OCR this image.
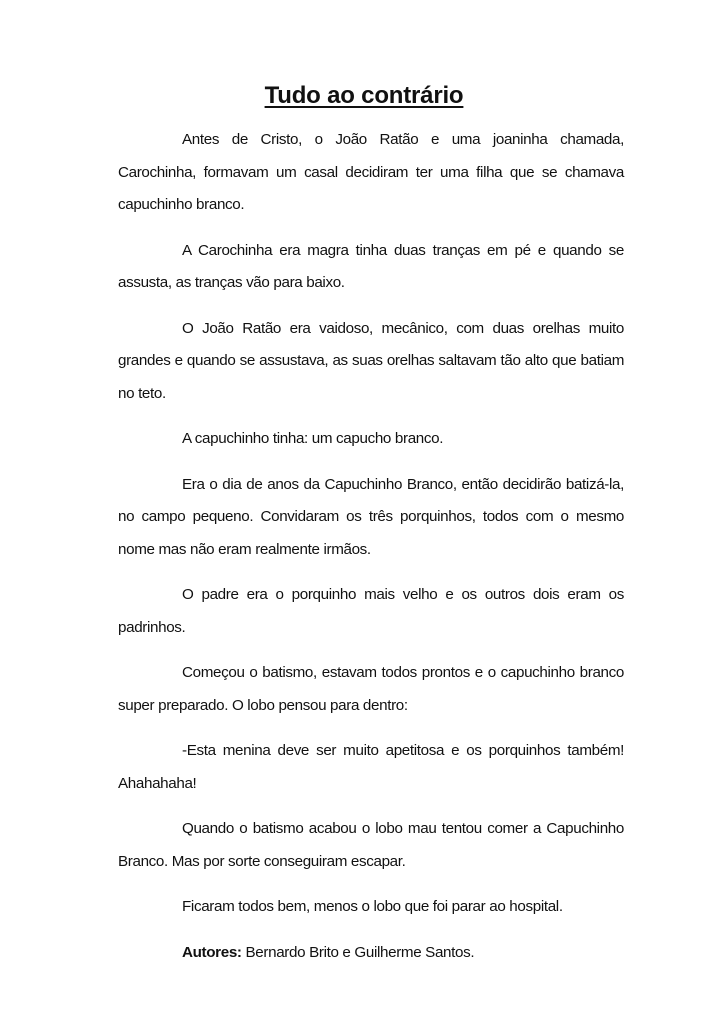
Tudo ao contrário

Antes de Cristo, o João Ratão e uma joaninha chamada, Carochinha, formavam um casal decidiram ter uma filha que se chamava capuchinho branco.

A Carochinha era magra tinha duas tranças em pé e quando se assusta, as tranças vão para baixo.

O João Ratão era vaidoso, mecânico, com duas orelhas muito grandes e quando se assustava, as suas orelhas saltavam tão alto que batiam no teto.

A capuchinho tinha: um capucho branco.

Era o dia de anos da Capuchinho Branco, então decidirão batizá-la, no campo pequeno. Convidaram os três porquinhos, todos com o mesmo nome mas não eram realmente irmãos.

O padre era o porquinho mais velho e os outros dois eram os padrinhos.

Começou o batismo, estavam todos prontos e o capuchinho branco super preparado. O lobo pensou para dentro:

-Esta menina deve ser muito apetitosa e os porquinhos também! Ahahahaha!

Quando o batismo acabou o lobo mau tentou comer a Capuchinho Branco. Mas por sorte conseguiram escapar.

Ficaram todos bem, menos o lobo que foi parar ao hospital.

Autores: Bernardo Brito e Guilherme Santos.
